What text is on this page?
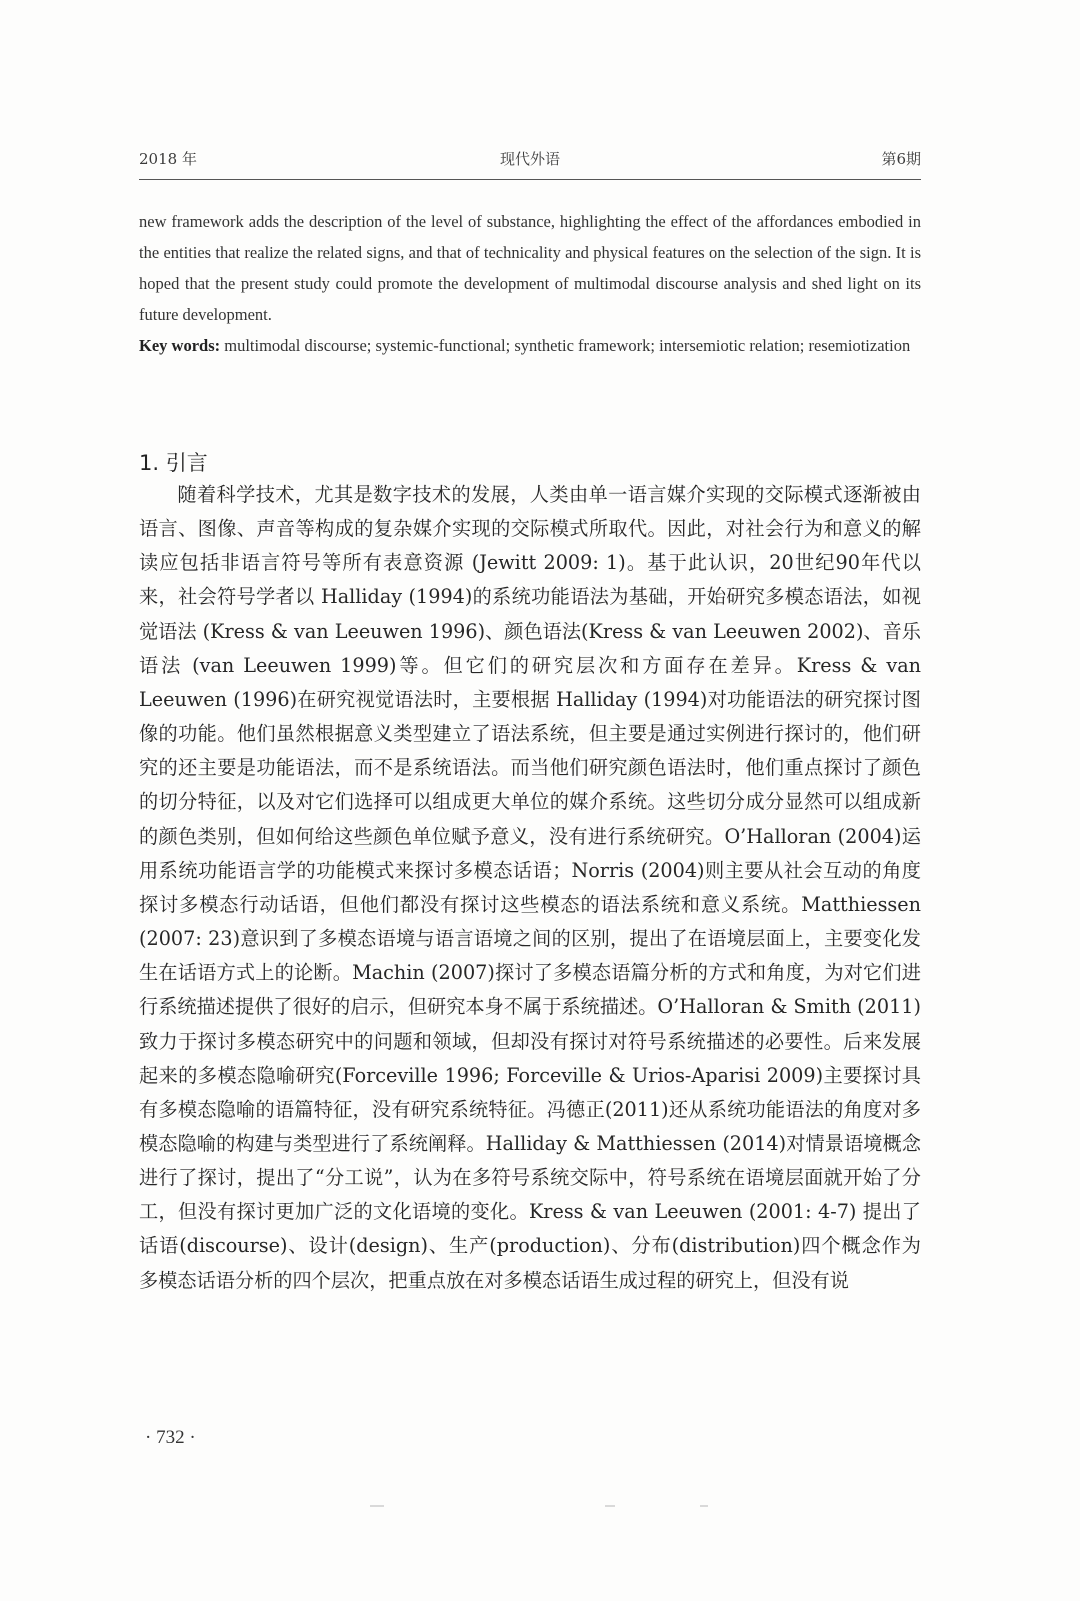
2018 年	现代外语	第6期

new framework adds the description of the level of substance, highlighting the effect of the affordances embodied in the entities that realize the related signs, and that of technicality and physical features on the selection of the sign. It is hoped that the present study could promote the development of multimodal discourse analysis and shed light on its future development.

Key words: multimodal discourse; systemic-functional; synthetic framework; intersemiotic relation; resemiotization

1. 引言

随着科学技术，尤其是数字技术的发展，人类由单一语言媒介实现的交际模式逐渐被由语言、图像、声音等构成的复杂媒介实现的交际模式所取代。因此，对社会行为和意义的解读应包括非语言符号等所有表意资源 (Jewitt 2009: 1)。基于此认识，20世纪90年代以来，社会符号学者以 Halliday (1994)的系统功能语法为基础，开始研究多模态语法，如视觉语法 (Kress & van Leeuwen 1996)、颜色语法(Kress & van Leeuwen 2002)、音乐语法 (van Leeuwen 1999)等。但它们的研究层次和方面存在差异。Kress & van Leeuwen (1996)在研究视觉语法时，主要根据 Halliday (1994)对功能语法的研究探讨图像的功能。他们虽然根据意义类型建立了语法系统，但主要是通过实例进行探讨的，他们研究的还主要是功能语法，而不是系统语法。而当他们研究颜色语法时，他们重点探讨了颜色的切分特征，以及对它们选择可以组成更大单位的媒介系统。这些切分成分显然可以组成新的颜色类别，但如何给这些颜色单位赋予意义，没有进行系统研究。O’Halloran (2004)运用系统功能语言学的功能模式来探讨多模态话语；Norris (2004)则主要从社会互动的角度探讨多模态行动话语，但他们都没有探讨这些模态的语法系统和意义系统。Matthiessen (2007: 23)意识到了多模态语境与语言语境之间的区别，提出了在语境层面上，主要变化发生在话语方式上的论断。Machin (2007)探讨了多模态语篇分析的方式和角度，为对它们进行系统描述提供了很好的启示，但研究本身不属于系统描述。O’Halloran & Smith (2011)致力于探讨多模态研究中的问题和领域，但却没有探讨对符号系统描述的必要性。后来发展起来的多模态隐喻研究(Forceville 1996; Forceville & Urios-Aparisi 2009)主要探讨具有多模态隐喻的语篇特征，没有研究系统特征。冯德正(2011)还从系统功能语法的角度对多模态隐喻的构建与类型进行了系统阐释。Halliday & Matthiessen (2014)对情景语境概念进行了探讨，提出了“分工说”，认为在多符号系统交际中，符号系统在语境层面就开始了分工，但没有探讨更加广泛的文化语境的变化。Kress & van Leeuwen (2001: 4-7) 提出了话语(discourse)、设计(design)、生产(production)、分布(distribution)四个概念作为多模态话语分析的四个层次，把重点放在对多模态话语生成过程的研究上，但没有说

· 732 ·
